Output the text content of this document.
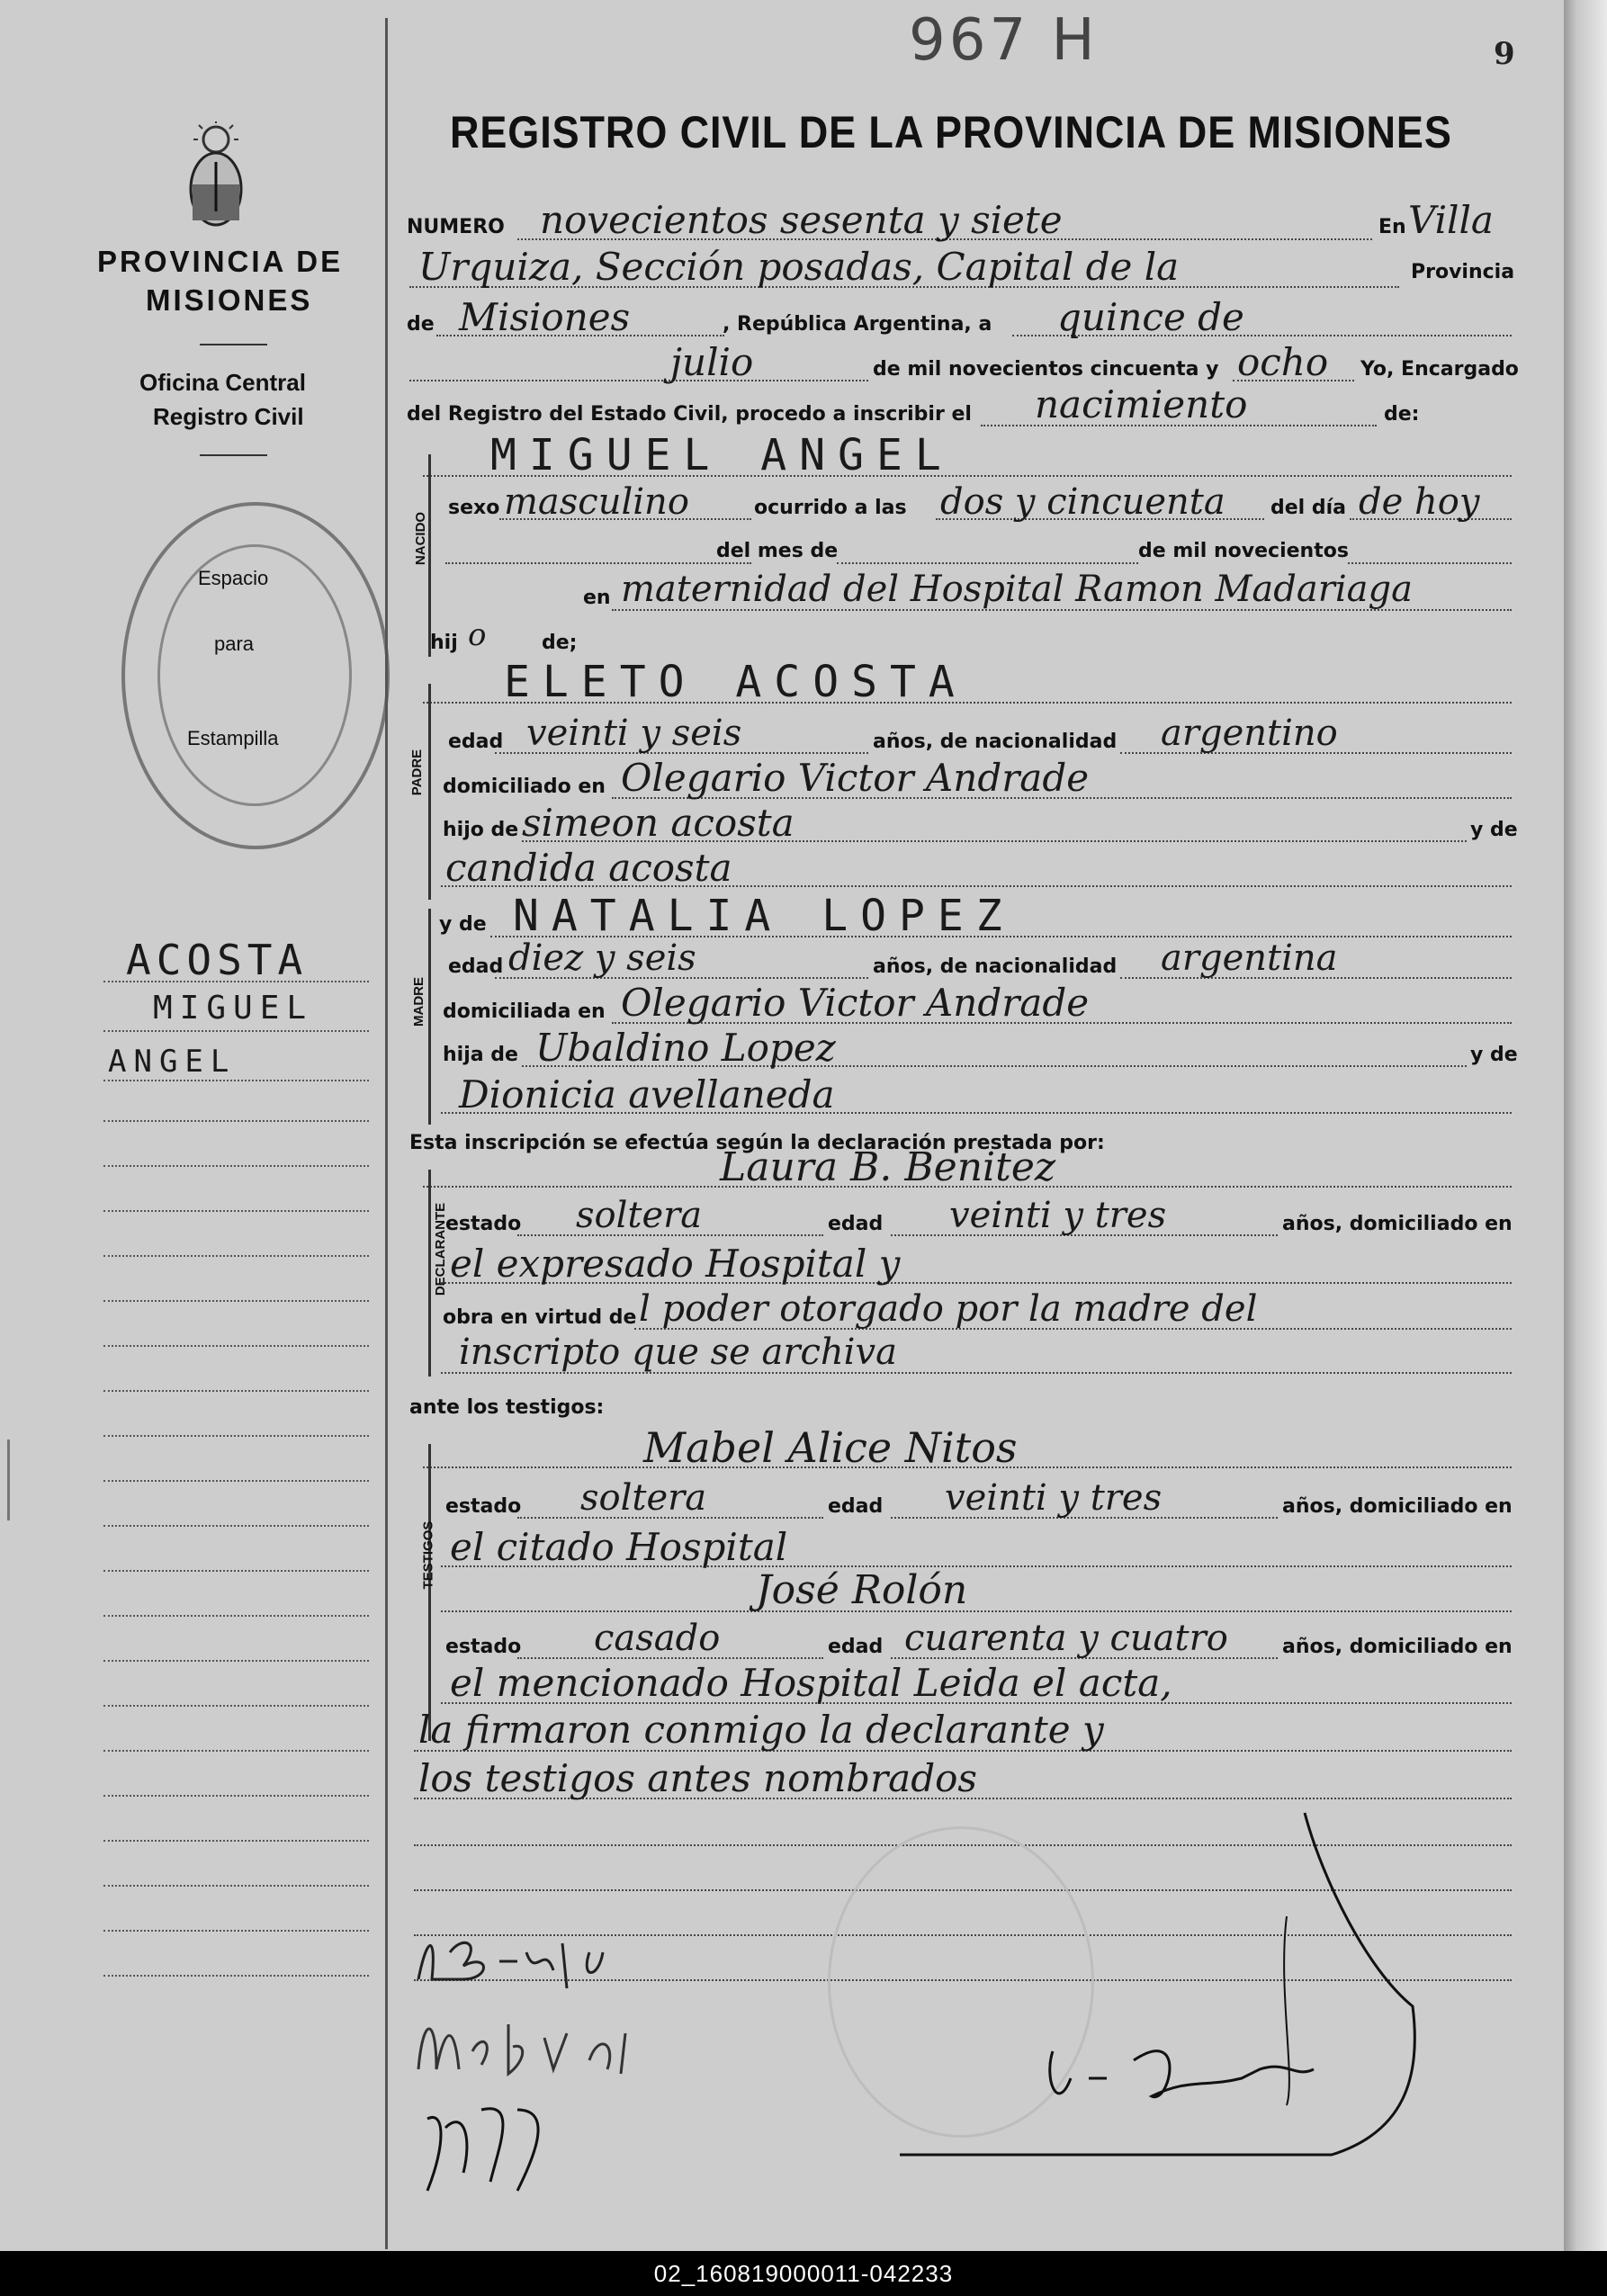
967 H	9
REGISTRO CIVIL DE LA PROVINCIA DE MISIONES
PROVINCIA DE
MISIONES
Oficina Central
Registro Civil
Espacio
para
Estampilla
ACOSTA
MIGUEL
ANGEL
NUMERO novecientos sesenta y siete	En Villa
Urquiza, Sección posadas, Capital de la	Provincia
de Misiones	, República Argentina, a quince de
julio	de mil novecientos cincuenta y ocho Yo, Encargado
del Registro del Estado Civil, procedo a inscribir el nacimiento	de:
MIGUEL ANGEL
NACIDO
sexo masculino	ocurrido a las dos y cincuenta del día de hoy
del mes de	de mil novecientos
en maternidad del Hospital Ramon Madariaga
hij o	de;
ELETO ACOSTA
PADRE
edad veinti y seis	años, de nacionalidad argentino
domiciliado en Olegario Victor Andrade
hijo de simeon acosta	y de
candida acosta
MADRE
y de NATALIA LOPEZ
edad diez y seis	años, de nacionalidad argentina
domiciliada en Olegario Victor Andrade
hija de Ubaldino Lopez	y de
Dionicia avellaneda
Esta inscripción se efectúa según la declaración prestada por:
Laura B. Benitez
DECLARANTE
estado soltera	edad veinti y tres	años, domiciliado en
el expresado Hospital y
obra en virtud de l poder otorgado por la madre del
inscripto que se archiva
ante los testigos:
Mabel Alice Nitos
TESTIGOS
estado soltera	edad veinti y tres	años, domiciliado en
el citado Hospital
José Rolón
estado casado	edad cuarenta y cuatro	años, domiciliado en
el mencionado Hospital Leida el acta,
la firmaron conmigo la declarante y
los testigos antes nombrados
02_160819000011-042233
